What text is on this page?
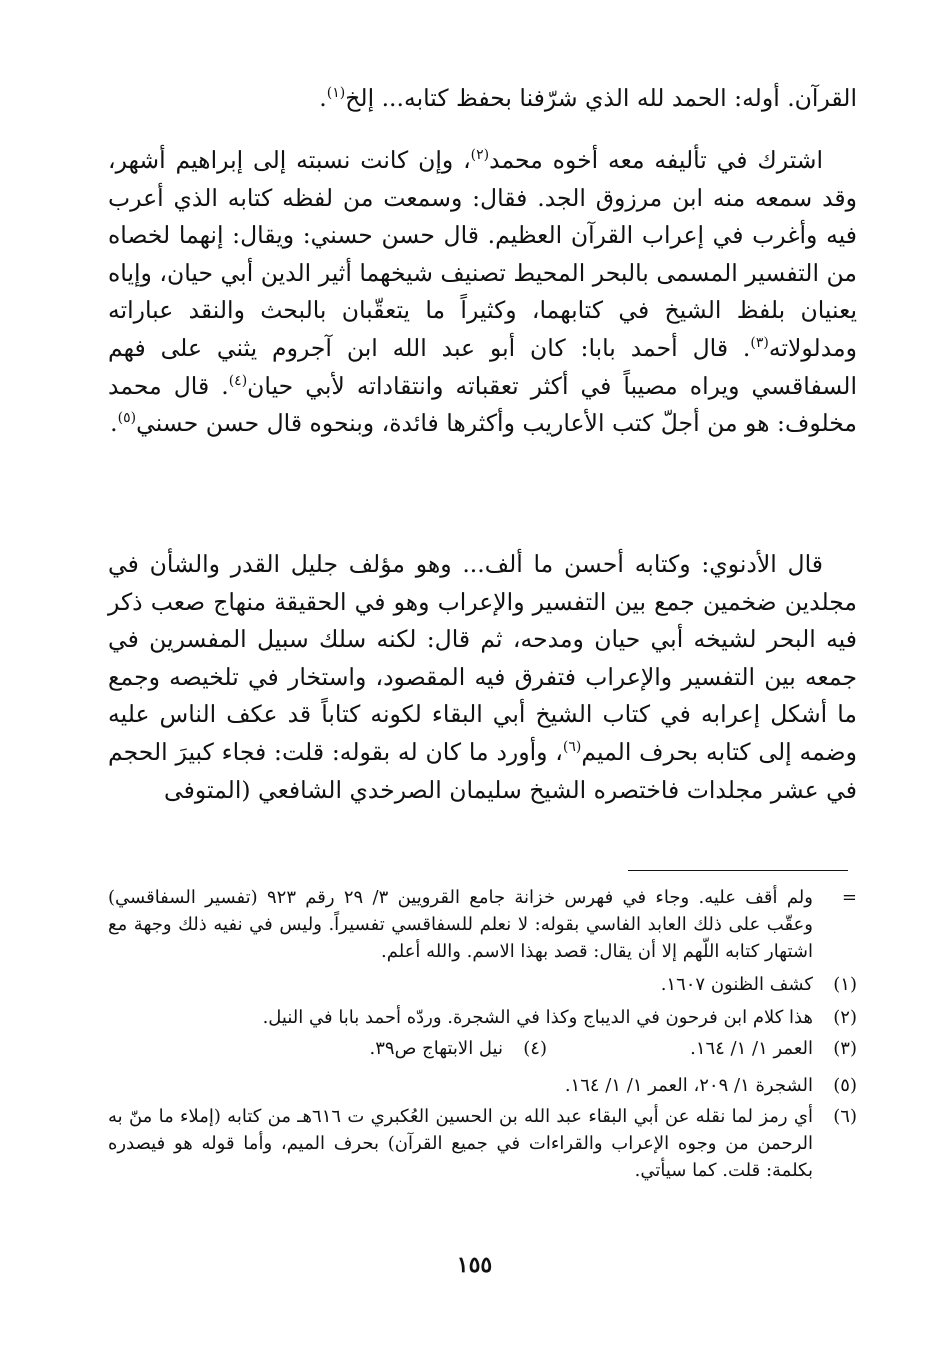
القرآن. أوله: الحمد لله الذي شرّفنا بحفظ كتابه... إلخ$^{(١)}$.

اشترك في تأليفه معه أخوه محمد$^{(٢)}$، وإن كانت نسبته إلى إبراهيم أشهر، وقد سمعه منه ابن مرزوق الجد. فقال: وسمعت من لفظه كتابه الذي أعرب فيه وأغرب في إعراب القرآن العظيم. قال حسن حسني: ويقال: إنهما لخصاه من التفسير المسمى بالبحر المحيط تصنيف شيخهما أثير الدين أبي حيان، وإياه يعنيان بلفظ الشيخ في كتابهما، وكثيراً ما يتعقّبان بالبحث والنقد عباراته ومدلولاته$^{(٣)}$. قال أحمد بابا: كان أبو عبد الله ابن آجروم يثني على فهم السفاقسي ويراه مصيباً في أكثر تعقباته وانتقاداته لأبي حيان$^{(٤)}$. قال محمد مخلوف: هو من أجلّ كتب الأعاريب وأكثرها فائدة، وبنحوه قال حسن حسني$^{(٥)}$.

قال الأدنوي: وكتابه أحسن ما ألف... وهو مؤلف جليل القدر والشأن في مجلدين ضخمين جمع بين التفسير والإعراب وهو في الحقيقة منهاج صعب ذكر فيه البحر لشيخه أبي حيان ومدحه، ثم قال: لكنه سلك سبيل المفسرين في جمعه بين التفسير والإعراب فتفرق فيه المقصود، واستخار في تلخيصه وجمع ما أشكل إعرابه في كتاب الشيخ أبي البقاء لكونه كتاباً قد عكف الناس عليه وضمه إلى كتابه بحرف الميم$^{(٦)}$، وأورد ما كان له بقوله: قلت: فجاء كبيرَ الحجم في عشر مجلدات فاختصره الشيخ سليمان الصرخدي الشافعي (المتوفى

=
ولم أقف عليه. وجاء في فهرس خزانة جامع القرويين ٣/ ٢٩ رقم ٩٢٣ (تفسير السفاقسي) وعقّب على ذلك العابد الفاسي بقوله: لا نعلم للسفاقسي تفسيراً. وليس في نفيه ذلك وجهة مع اشتهار كتابه اللّهم إلا أن يقال: قصد بهذا الاسم. والله أعلم.
(١)
كشف الظنون ١٦٠٧.
(٢)
هذا كلام ابن فرحون في الديباج وكذا في الشجرة. وردّه أحمد بابا في النيل.
(٣)
العمر ١/ ١/ ١٦٤.
(٤)
نيل الابتهاج ص٣٩.
(٥)
الشجرة ١/ ٢٠٩، العمر ١/ ١/ ١٦٤.
(٦)
أي رمز لما نقله عن أبي البقاء عبد الله بن الحسين العُكبري ت ٦١٦هـ من كتابه (إملاء ما منّ به الرحمن من وجوه الإعراب والقراءات في جميع القرآن) بحرف الميم، وأما قوله هو فيصدره بكلمة: قلت. كما سيأتي.
١٥٥
